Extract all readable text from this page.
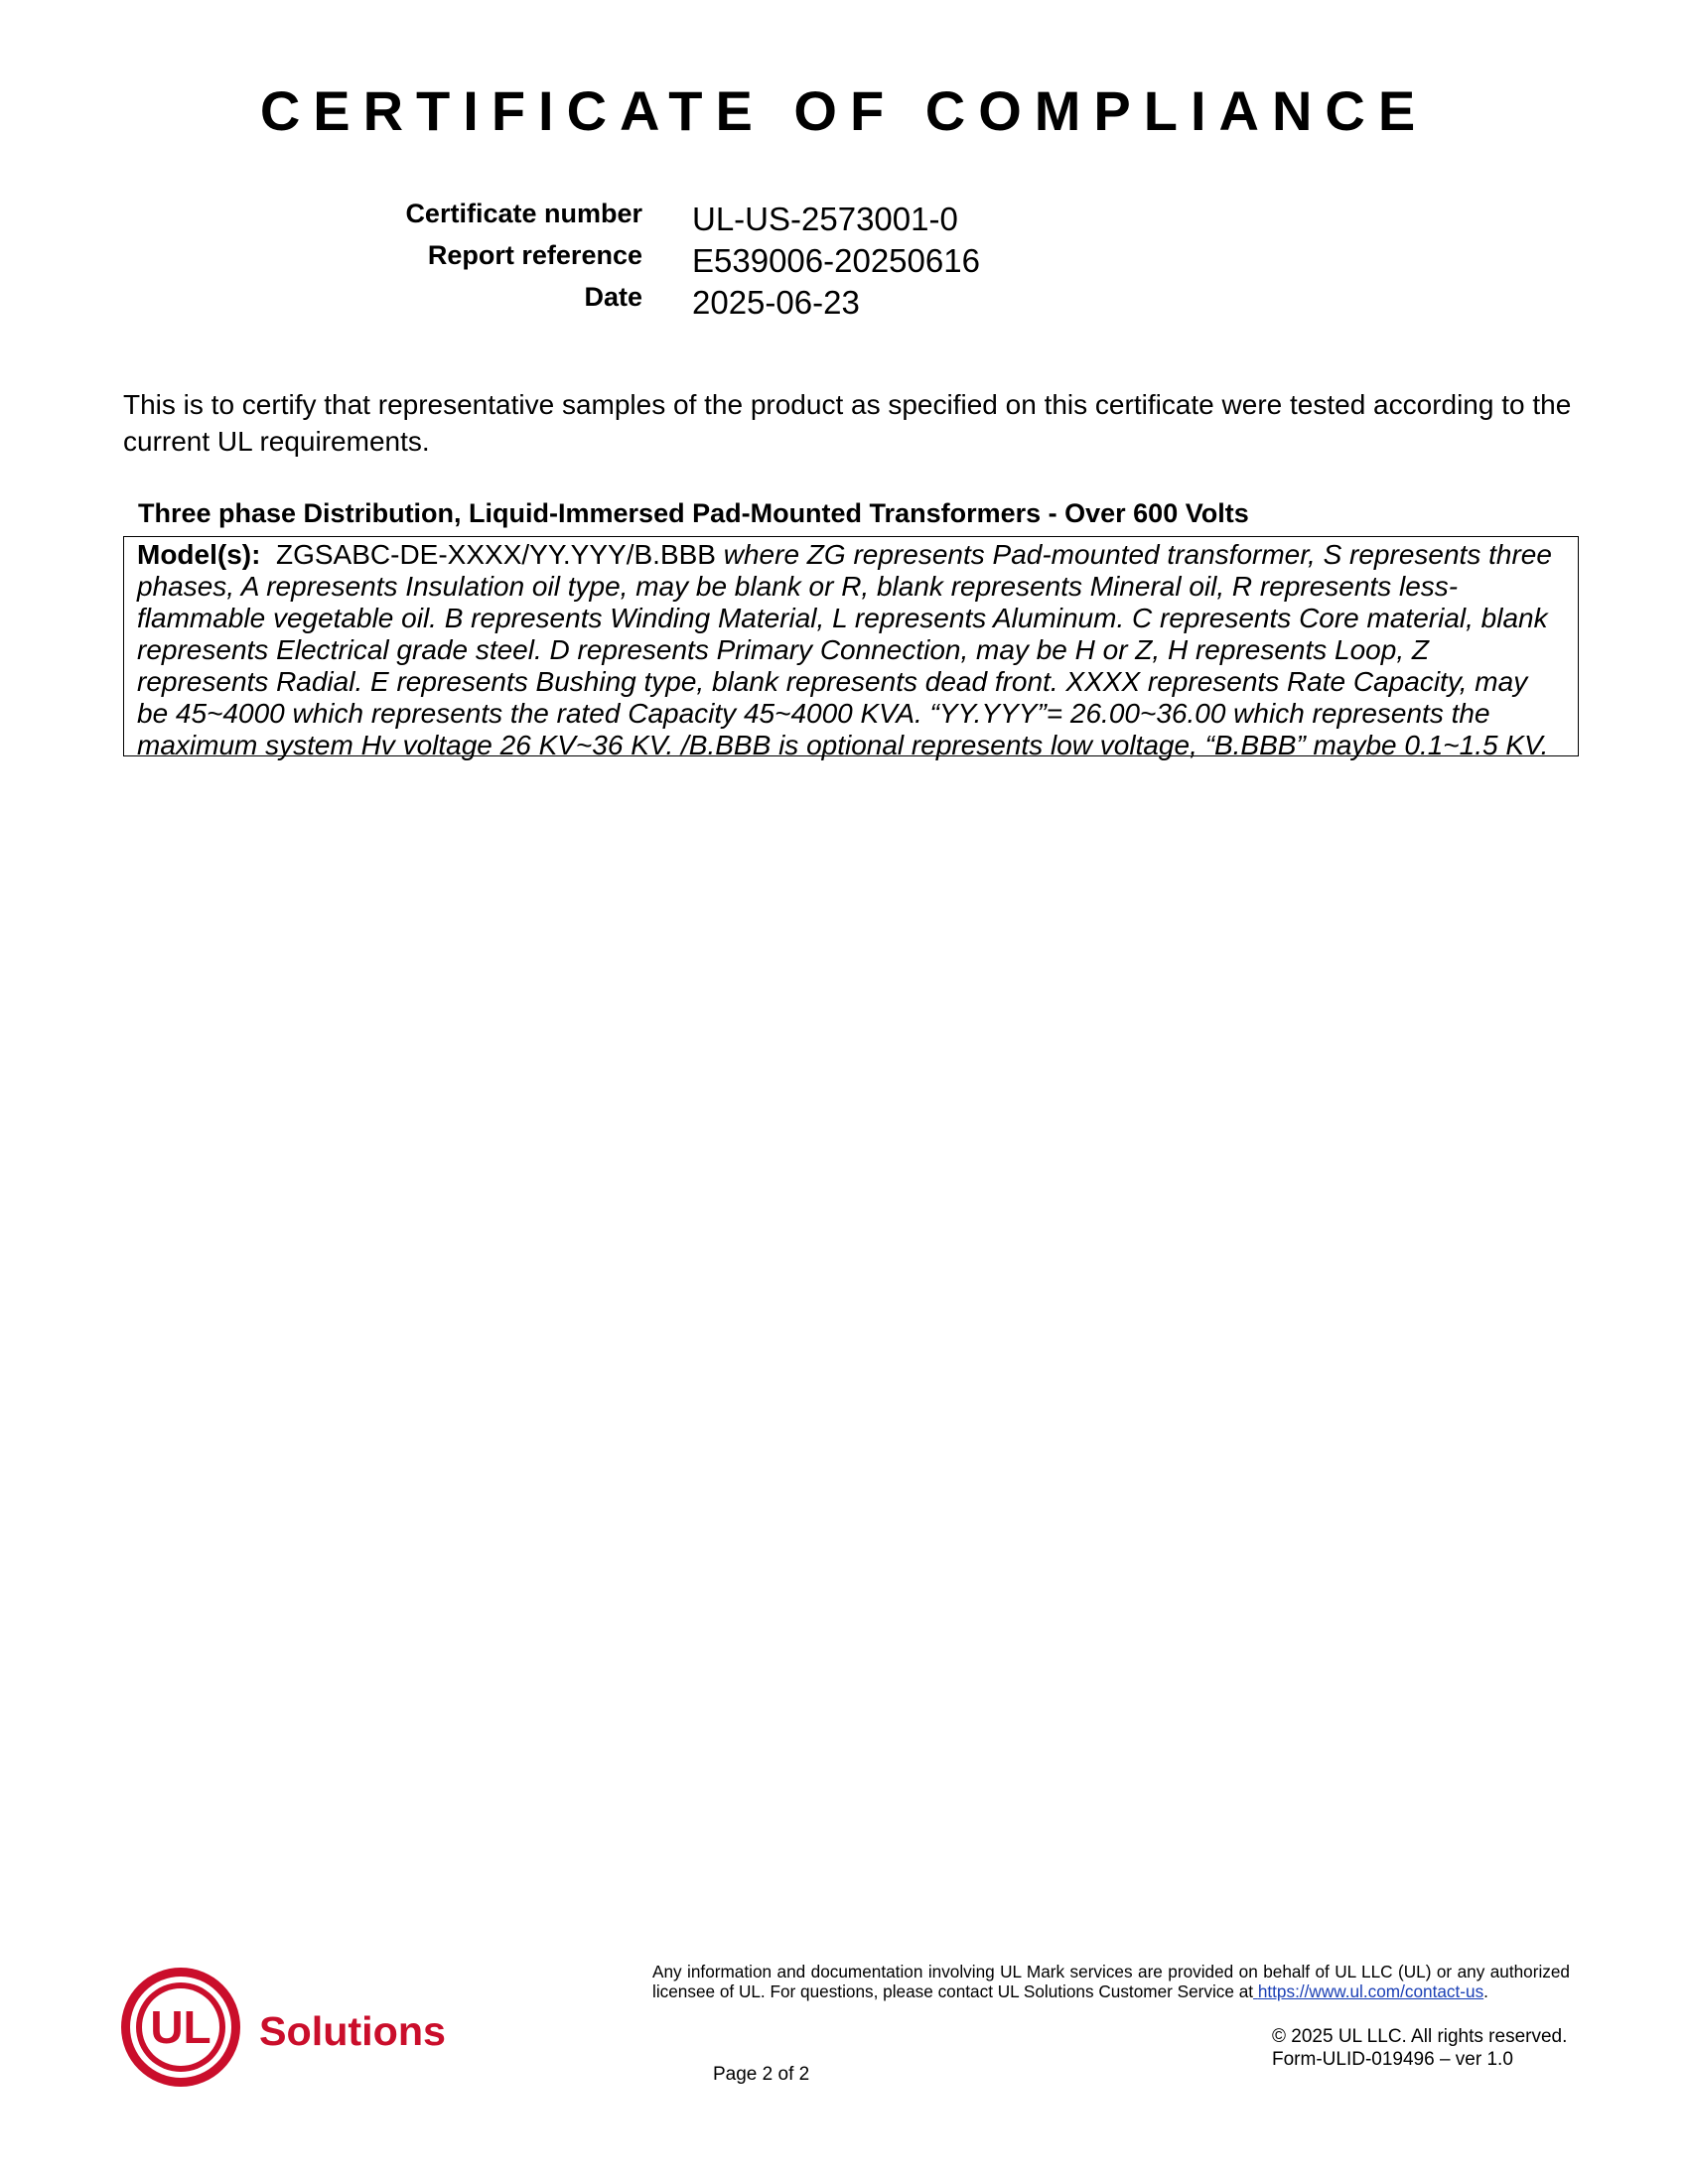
CERTIFICATE OF COMPLIANCE
Certificate number UL-US-2573001-0
Report reference E539006-20250616
Date 2025-06-23

This is to certify that representative samples of the product as specified on this certificate were tested according to the current UL requirements.

Three phase Distribution, Liquid-Immersed Pad-Mounted Transformers - Over 600 Volts

Model(s): ZGSABC-DE-XXXX/YY.YYY/B.BBB where ZG represents Pad-mounted transformer, S represents three phases, A represents Insulation oil type, may be blank or R, blank represents Mineral oil, R represents less-flammable vegetable oil. B represents Winding Material, L represents Aluminum. C represents Core material, blank represents Electrical grade steel. D represents Primary Connection, may be H or Z, H represents Loop, Z represents Radial. E represents Bushing type, blank represents dead front. XXXX represents Rate Capacity, may be 45~4000 which represents the rated Capacity 45~4000 KVA. “YY.YYY”= 26.00~36.00 which represents the maximum system Hv voltage 26 KV~36 KV. /B.BBB is optional represents low voltage, “B.BBB” maybe 0.1~1.5 KV.

UL Solutions

Any information and documentation involving UL Mark services are provided on behalf of UL LLC (UL) or any authorized licensee of UL. For questions, please contact UL Solutions Customer Service at https://www.ul.com/contact-us.

© 2025 UL LLC. All rights reserved.
Form-ULID-019496 – ver 1.0
Page 2 of 2
